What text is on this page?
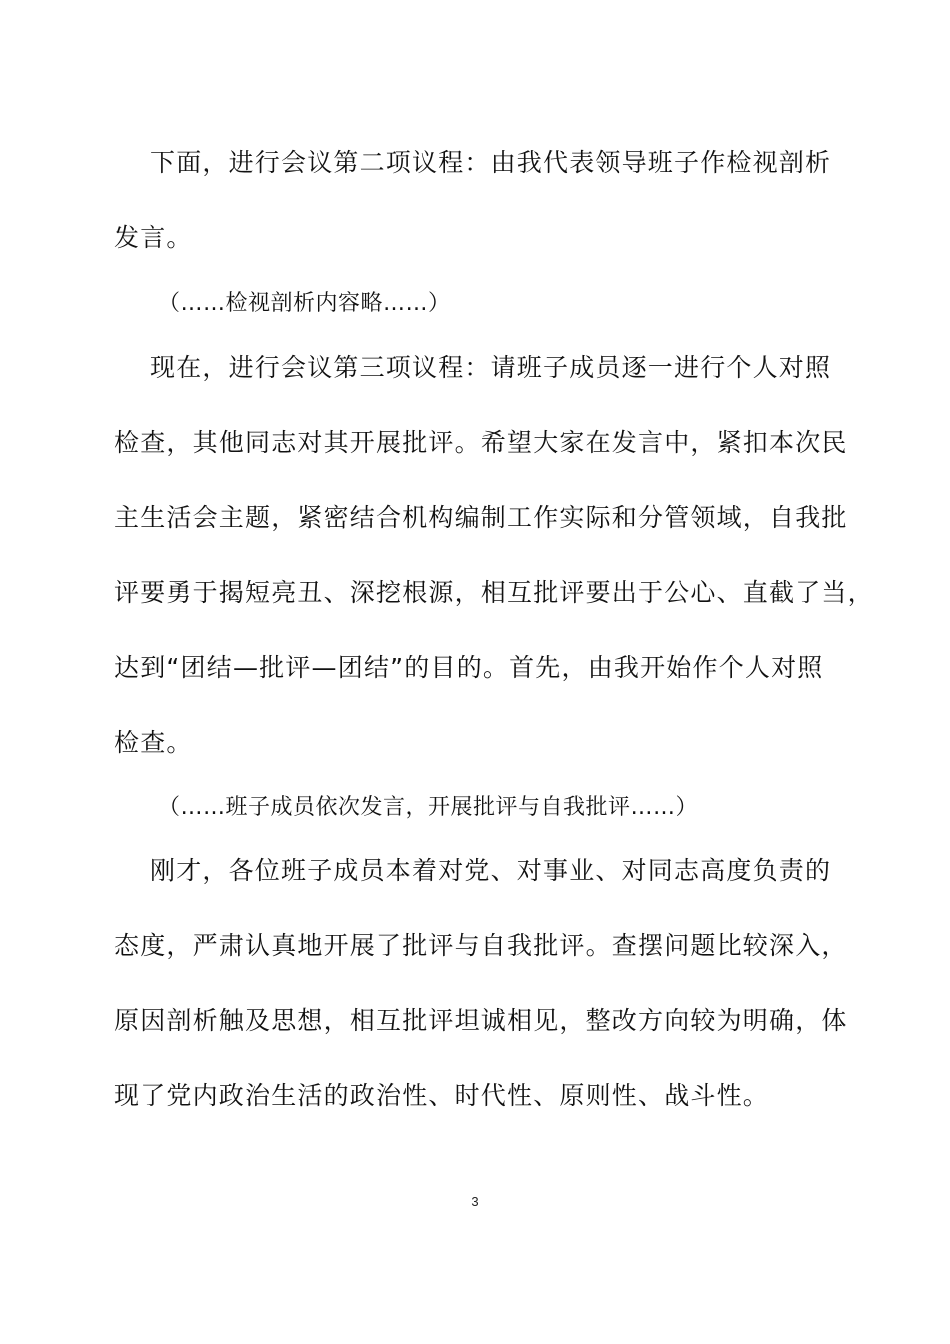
下面，进行会议第二项议程：由我代表领导班子作检视剖析
发言。
（……检视剖析内容略……）
现在，进行会议第三项议程：请班子成员逐一进行个人对照
检查，其他同志对其开展批评。希望大家在发言中，紧扣本次民
主生活会主题，紧密结合机构编制工作实际和分管领域，自我批
评要勇于揭短亮丑、深挖根源，相互批评要出于公心、直截了当，
达到“团结—批评—团结”的目的。首先，由我开始作个人对照
检查。
（……班子成员依次发言，开展批评与自我批评……）
刚才，各位班子成员本着对党、对事业、对同志高度负责的
态度，严肃认真地开展了批评与自我批评。查摆问题比较深入，
原因剖析触及思想，相互批评坦诚相见，整改方向较为明确，体
现了党内政治生活的政治性、时代性、原则性、战斗性。
3
